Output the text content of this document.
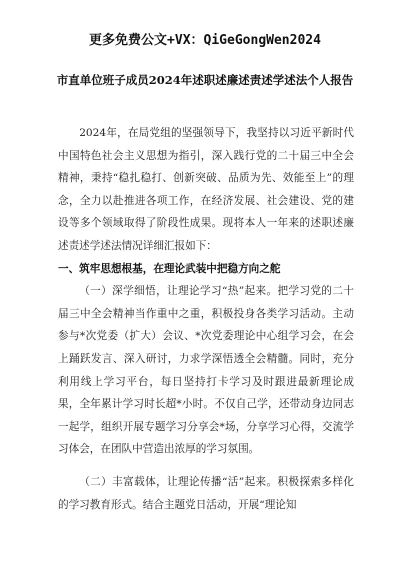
更多免费公文+VX：QiGeGongWen2024
市直单位班子成员2024年述职述廉述责述学述法个人报告

2024年，在局党组的坚强领导下，我坚持以习近平新时代中国特色社会主义思想为指引，深入践行党的二十届三中全会精神，秉持“稳扎稳打、创新突破、品质为先、效能至上”的理念，全力以赴推进各项工作，在经济发展、社会建设、党的建设等多个领域取得了阶段性成果。现将本人一年来的述职述廉述责述学述法情况详细汇报如下：

一、筑牢思想根基，在理论武装中把稳方向之舵

（一）深学细悟，让理论学习“热”起来。把学习党的二十届三中全会精神当作重中之重，积极投身各类学习活动。主动参与*次党委（扩大）会议、*次党委理论中心组学习会，在会上踊跃发言、深入研讨，力求学深悟透全会精髓。同时，充分利用线上学习平台，每日坚持打卡学习及时跟进最新理论成果，全年累计学习时长超*小时。不仅自己学，还带动身边同志一起学，组织开展专题学习分享会*场，分享学习心得，交流学习体会，在团队中营造出浓厚的学习氛围。

（二）丰富载体，让理论传播“活”起来。积极探索多样化的学习教育形式。结合主题党日活动，开展“理论知
